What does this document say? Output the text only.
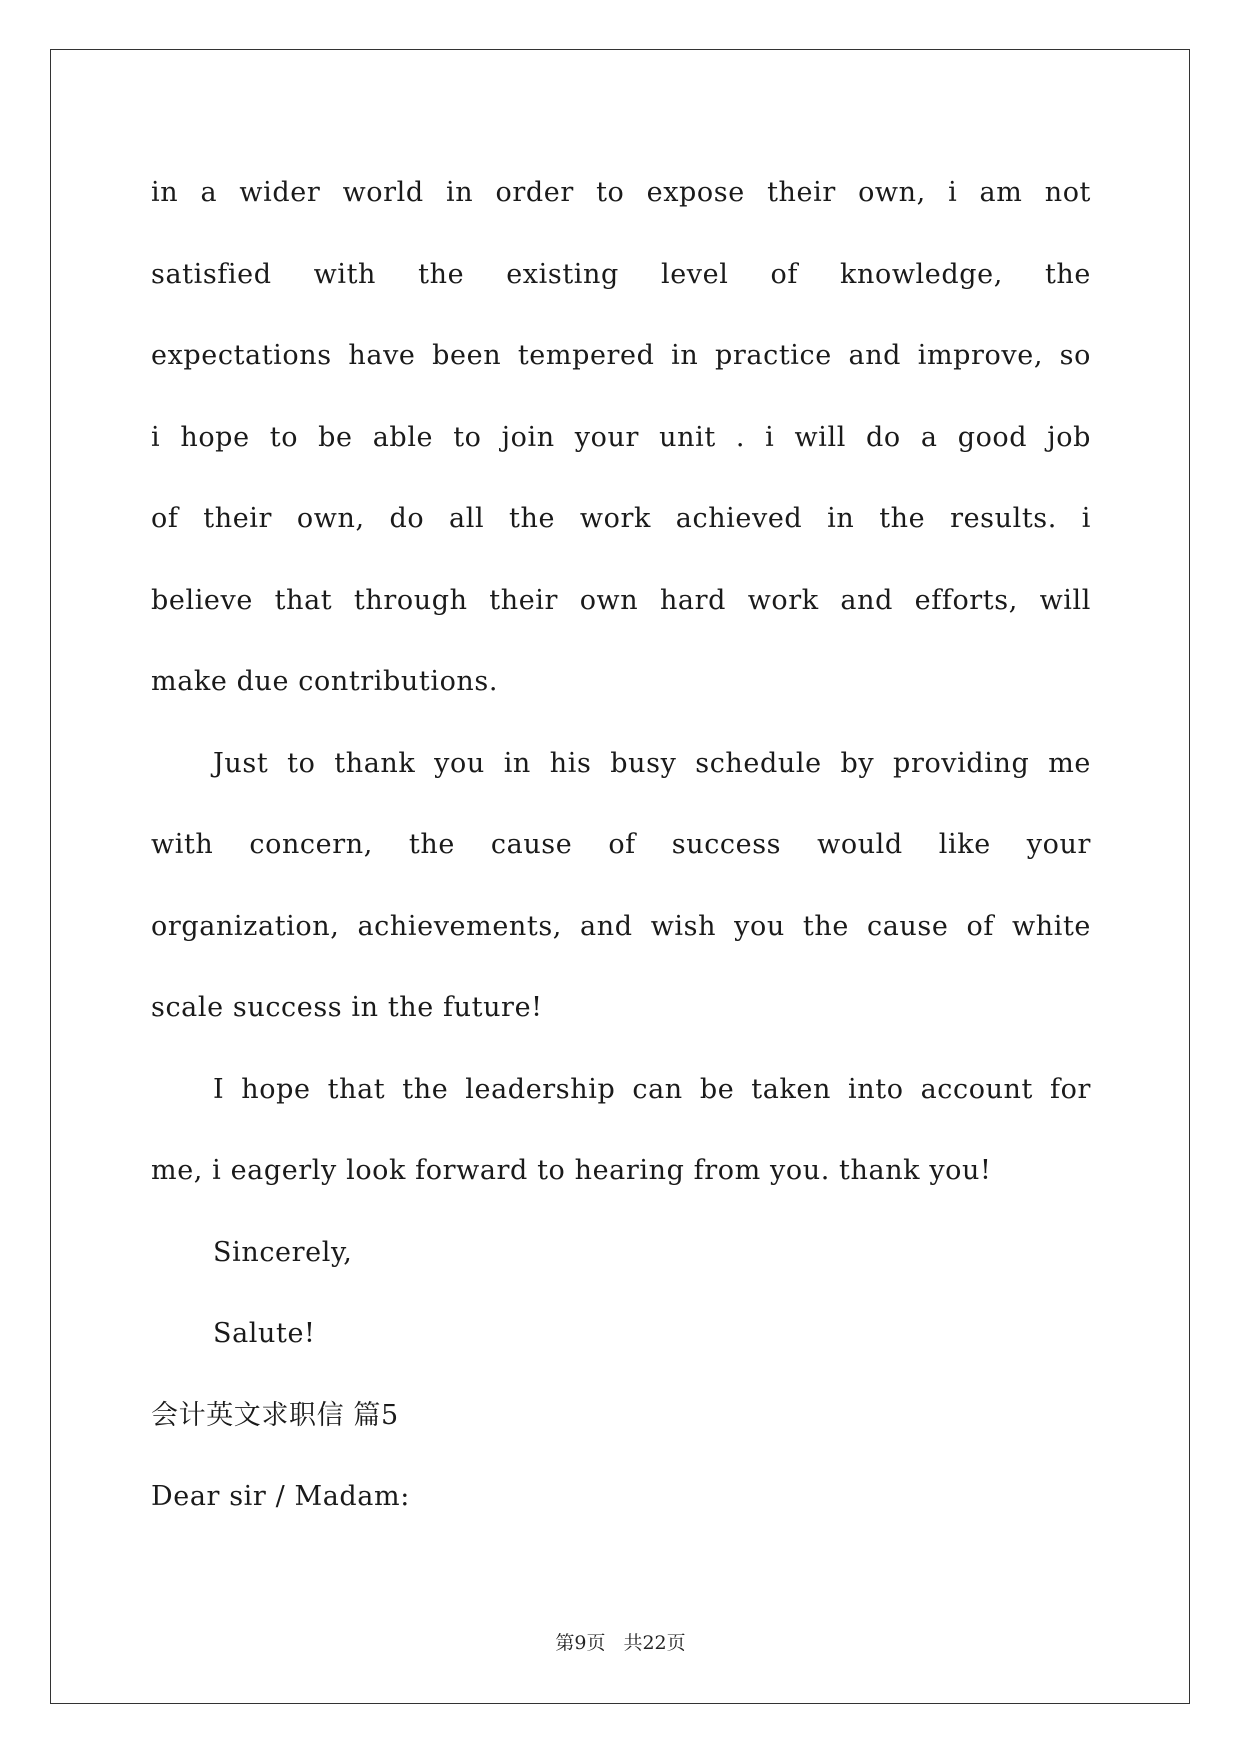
in a wider world in order to expose their own, i am not
satisfied with the existing level of knowledge, the
expectations have been tempered in practice and improve, so
i hope to be able to join your unit . i will do a good job
of their own, do all the work achieved in the results. i
believe that through their own hard work and efforts, will
make due contributions.
Just to thank you in his busy schedule by providing me
with concern, the cause of success would like your
organization, achievements, and wish you the cause of white
scale success in the future!
I hope that the leadership can be taken into account for
me, i eagerly look forward to hearing from you. thank you!
Sincerely,
Salute!
会计英文求职信 篇5
Dear sir / Madam:
第9页 共22页
